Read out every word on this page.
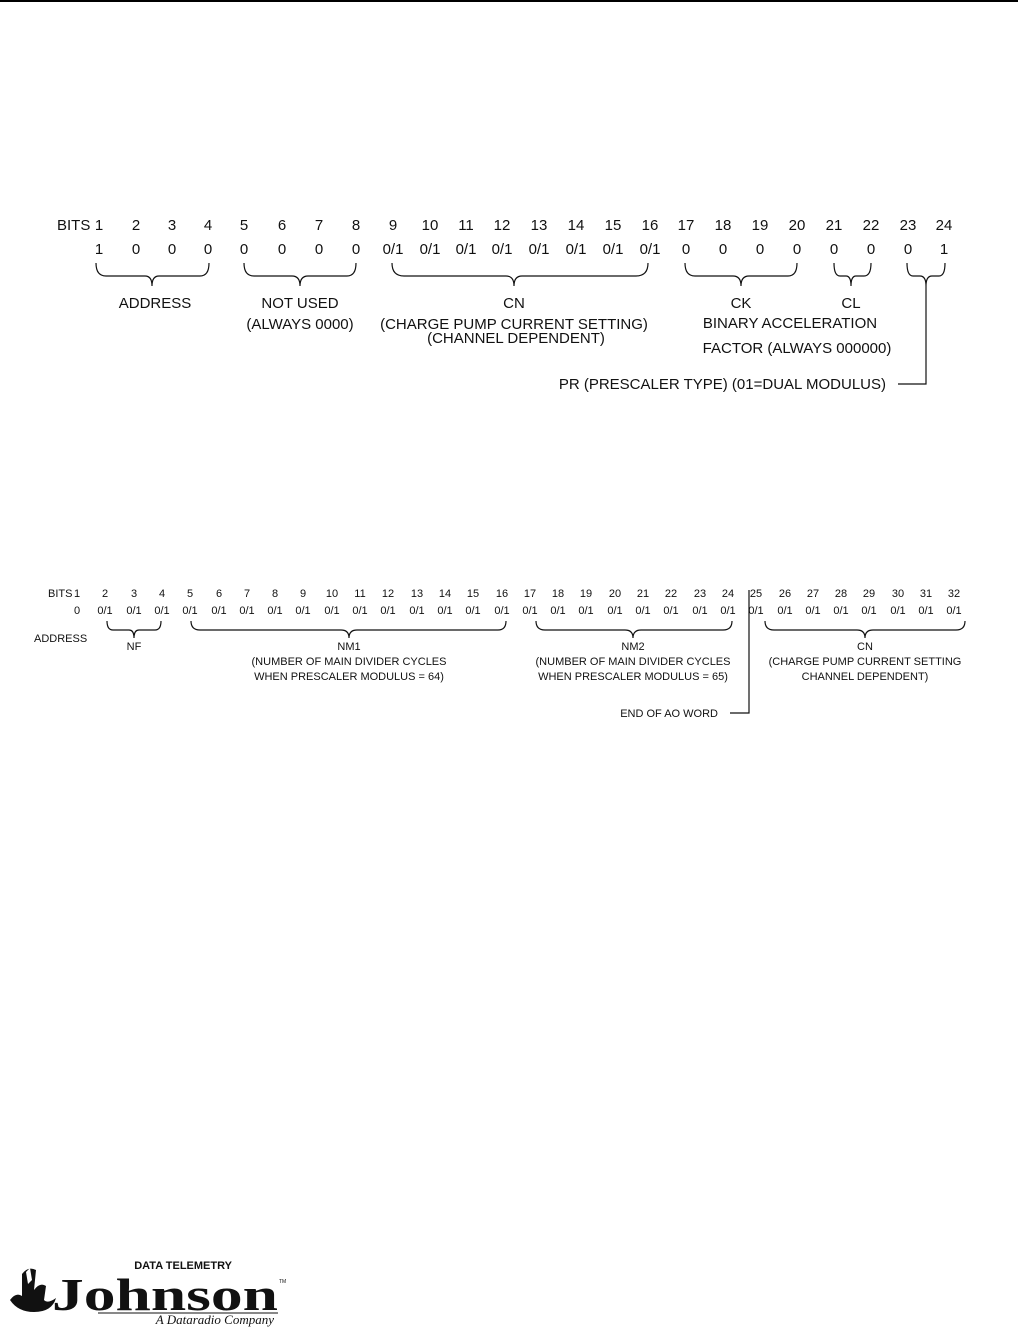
BITS 1 2 3 4 5 6 7 8 9 10 11 12 13 14 15 16 17 18 19 20 21 22 23 24
1 0 0 0 0 0 0 0 0/1 0/1 0/1 0/1 0/1 0/1 0/1 0/1 0 0 0 0 0 0 0 1
ADDRESS	NOT USED
(ALWAYS 0000)
CN
(CHARGE PUMP CURRENT SETTING)
(CHANNEL DEPENDENT)
CK	CL
BINARY ACCELERATION
FACTOR (ALWAYS 000000)
PR (PRESCALER TYPE) (01=DUAL MODULUS)
BITS 1 2 3 4 5 6 7 8 9 10 11 12 13 14 15 16 17 18 19 20 21 22 23 24 25 26 27 28 29 30 31 32
0 0/1 0/1 0/1 0/1 0/1 0/1 0/1 0/1 0/1 0/1 0/1 0/1 0/1 0/1 0/1 0/1 0/1 0/1 0/1 0/1 0/1 0/1 0/1 0/1 0/1 0/1 0/1 0/1 0/1 0/1 0/1
ADDRESS
NF	NM1
(NUMBER OF MAIN DIVIDER CYCLES
WHEN PRESCALER MODULUS = 64)
NM2
(NUMBER OF MAIN DIVIDER CYCLES
WHEN PRESCALER MODULUS = 65)
CN
(CHARGE PUMP CURRENT SETTING
CHANNEL DEPENDENT)
END OF AO WORD
DATA TELEMETRY
Johnson TM
A Dataradio Company
